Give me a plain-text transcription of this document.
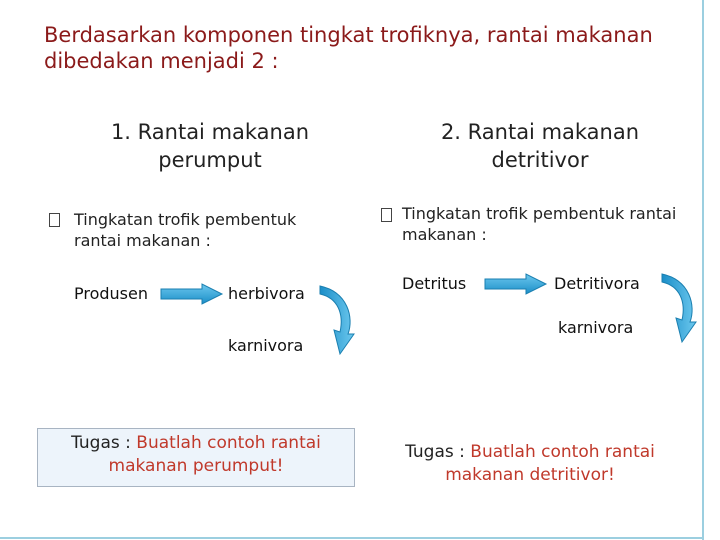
Berdasarkan komponen tingkat trofiknya, rantai makanan dibedakan menjadi 2 :
1. Rantai makanan perumput
Tingkatan trofik pembentuk rantai makanan :
Produsen	herbivora
karnivora
Tugas : Buatlah contoh rantai makanan perumput!
2. Rantai makanan detritivor
Tingkatan trofik pembentuk rantai makanan :
Detritus	Detritivora
karnivora
Tugas : Buatlah contoh rantai makanan detritivor!
